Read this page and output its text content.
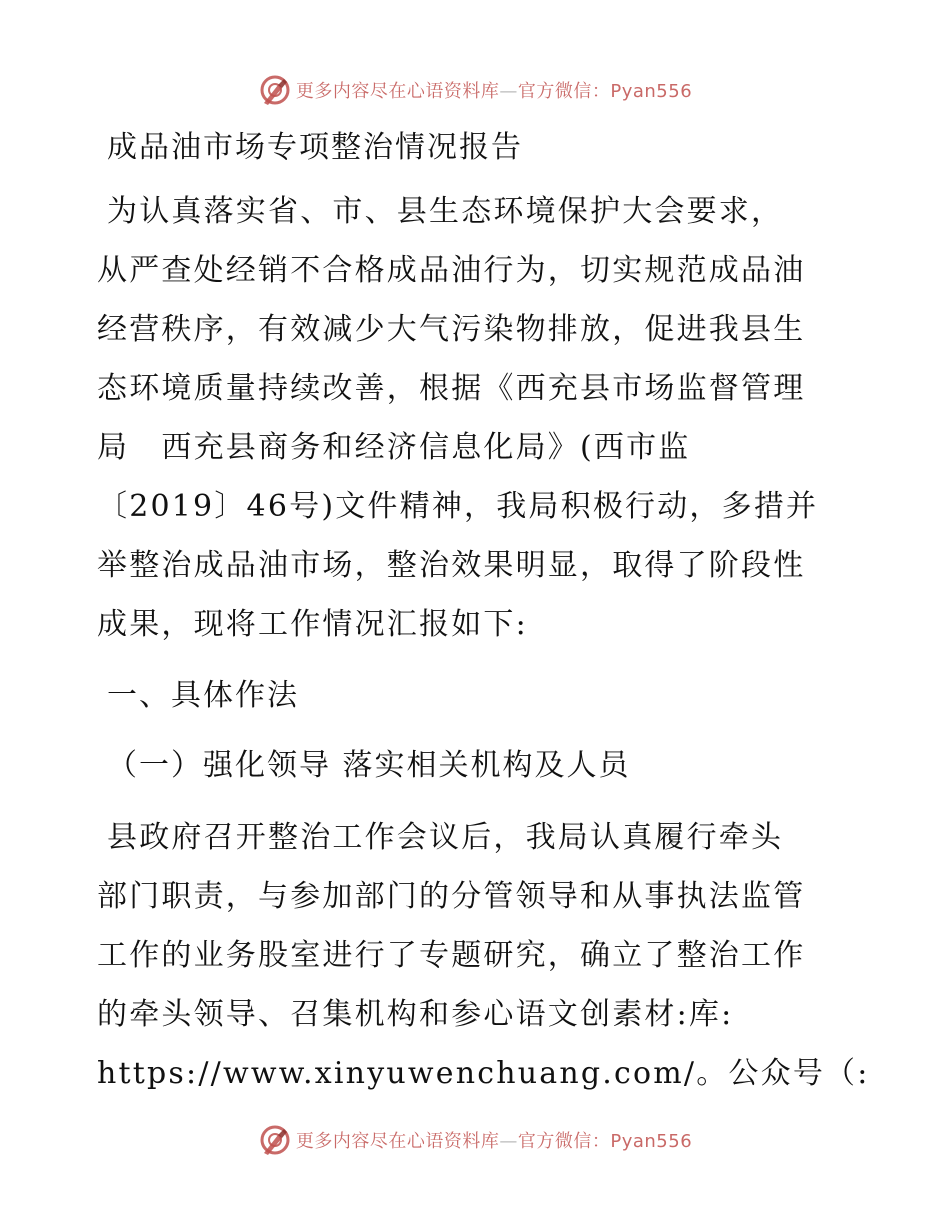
更多内容尽在心语资料库—官方微信：Pyan556
成品油市场专项整治情况报告

为认真落实省、市、县生态环境保护大会要求，
从严查处经销不合格成品油行为，切实规范成品油
经营秩序，有效减少大气污染物排放，促进我县生
态环境质量持续改善，根据《西充县市场监督管理
局　西充县商务和经济信息化局》(西市监
〔2019〕46号)文件精神，我局积极行动，多措并
举整治成品油市场，整治效果明显，取得了阶段性
成果，现将工作情况汇报如下:

一、具体作法
（一）强化领导 落实相关机构及人员

县政府召开整治工作会议后，我局认真履行牵头
部门职责，与参加部门的分管领导和从事执法监管
工作的业务股室进行了专题研究，确立了整治工作
的牵头领导、召集机构和参心语文创素材:库:
https://www.xinyuwenchuang.com/。公众号（:

更多内容尽在心语资料库—官方微信：Pyan556
